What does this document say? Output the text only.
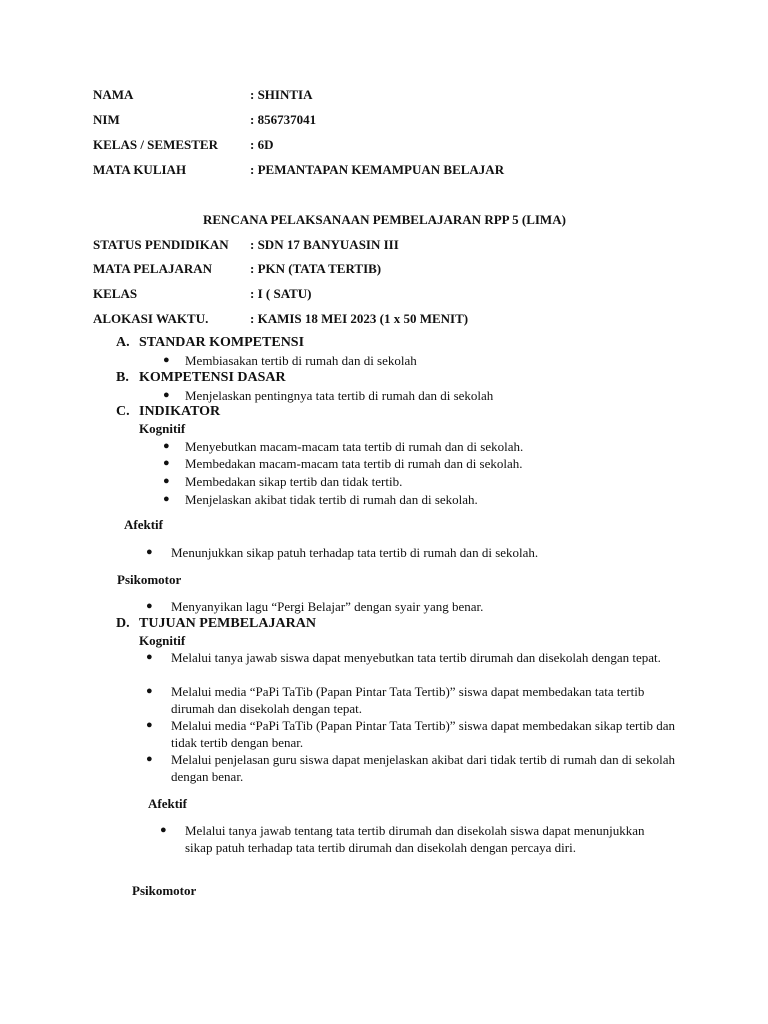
NAMA	: SHINTIA
NIM	: 856737041
KELAS / SEMESTER : 6D
MATA KULIAH	: PEMANTAPAN KEMAMPUAN BELAJAR
RENCANA PELAKSANAAN PEMBELAJARAN RPP 5 (LIMA)
STATUS PENDIDIKAN : SDN 17 BANYUASIN III
MATA PELAJARAN	: PKN (TATA TERTIB)
KELAS	: I ( SATU)
ALOKASI WAKTU.	: KAMIS 18 MEI 2023 (1 x 50 MENIT)
A. STANDAR KOMPETENSI
● Membiasakan tertib di rumah dan di sekolah
B. KOMPETENSI DASAR
● Menjelaskan pentingnya tata tertib di rumah dan di sekolah
C. INDIKATOR
Kognitif
● Menyebutkan macam-macam tata tertib di rumah dan di sekolah.
● Membedakan macam-macam tata tertib di rumah dan di sekolah.
● Membedakan sikap tertib dan tidak tertib.
● Menjelaskan akibat tidak tertib di rumah dan di sekolah.
Afektif
● Menunjukkan sikap patuh terhadap tata tertib di rumah dan di sekolah.
Psikomotor
● Menyanyikan lagu “Pergi Belajar” dengan syair yang benar.
D. TUJUAN PEMBELAJARAN
Kognitif
● Melalui tanya jawab siswa dapat menyebutkan tata tertib dirumah dan disekolah dengan tepat.
● Melalui media “PaPi TaTib (Papan Pintar Tata Tertib)” siswa dapat membedakan tata tertib dirumah dan disekolah dengan tepat.
● Melalui media “PaPi TaTib (Papan Pintar Tata Tertib)” siswa dapat membedakan sikap tertib dan tidak tertib dengan benar.
● Melalui penjelasan guru siswa dapat menjelaskan akibat dari tidak tertib di rumah dan di sekolah dengan benar.
Afektif
● Melalui tanya jawab tentang tata tertib dirumah dan disekolah siswa dapat menunjukkan sikap patuh terhadap tata tertib dirumah dan disekolah dengan percaya diri.
Psikomotor
